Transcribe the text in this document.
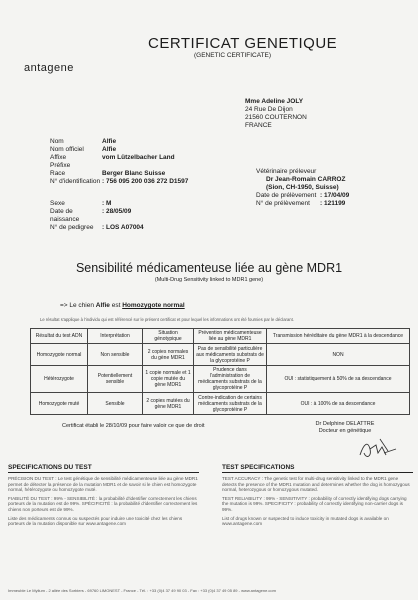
antagene
CERTIFICAT GENETIQUE
(GENETIC CERTIFICATE)
Mme Adeline JOLY
24 Rue De Dijon
21560 COUTERNON
FRANCE
Nom	Alfie
Nom officiel	Alfie
Affixe	vom Lützelbacher Land
Préfixe
Race	Berger Blanc Suisse
N° d'identification : 756 095 200 036 272 D1597
Sexe	: M
Date de naissance
: 28/05/09
N° de pedigree	: LOS A07004
Vétérinaire préleveur
Dr Jean-Romain CARROZ
(Sion, CH-1950, Suisse)
Date de prélèvement : 17/04/09
N° de prélèvement	: 121199
Sensibilité médicamenteuse liée au gène MDR1
(Multi-Drug Sensitivity linked to MDR1 gene)
=> Le chien Alfie est Homozygote normal
Le résultat s'applique à l'individu qui est référencé sur le présent certificat et pour lequel les informations ont été fournies par le déclarant.
Résultat du test ADN	Interprétation	Situation génotypique	Prévention médicamenteuse liée au gène MDR1	Transmission héréditaire du gène MDR1 à la descendance
Homozygote normal	Non sensible	2 copies normales du gène MDR1	Pas de sensibilité particulière aux médicaments substrats de la glycoprotéine P	NON
Hétérozygote	Potentiellement sensible	1 copie normale et 1 copie mutée du gène MDR1	Prudence dans l'administration de médicaments substrats de la glycoprotéine P	OUI : statistiquement à 50% de sa descendance
Homozygote muté	Sensible	2 copies mutées du gène MDR1	Contre-indication de certains médicaments substrats de la glycoprotéine P	OUI : à 100% de sa descendance
Certificat établi le 28/10/09 pour faire valoir ce que de droit	Dr Delphine DELATTRE
Docteur en génétique
SPECIFICATIONS DU TEST

PRÉCISION DU TEST : Le test génétique de sensibilité médicamenteuse liée au gène MDR1 permet de détecter la présence de la mutation MDR1 et de savoir si le chien est homozygote normal, hétérozygote ou homozygote muté.

FIABILITÉ DU TEST : 99% - SENSIBILITÉ : la probabilité d'identifier correctement les chiens porteurs de la mutation est de 99%. SPÉCIFICITÉ : la probabilité d'identifier correctement les chiens non porteurs est de 99%.

Liste des médicaments connus ou suspectés pour induire une toxicité chez les chiens porteurs de la mutation disponible sur www.antagene.com

TEST SPECIFICATIONS

TEST ACCURACY : The genetic test for multi-drug sensitivity linked to the MDR1 gene detects the presence of the MDR1 mutation and determines whether the dog is homozygous normal, heterozygous or homozygous mutated.

TEST RELIABILITY : 99% - SENSITIVITY : probability of correctly identifying dogs carrying the mutation is 99%. SPECIFICITY : probability of correctly identifying non-carrier dogs is 99%.

List of drugs known or suspected to induce toxicity in mutated dogs is available on www.antagene.com

Immeuble Le Mylium - 2 allée des Sorbiers - 69760 LIMONEST - France - Tél. : +33 (0)4 37 49 90 03 - Fax : +33 (0)4 37 49 05 89 - www.antagene.com
